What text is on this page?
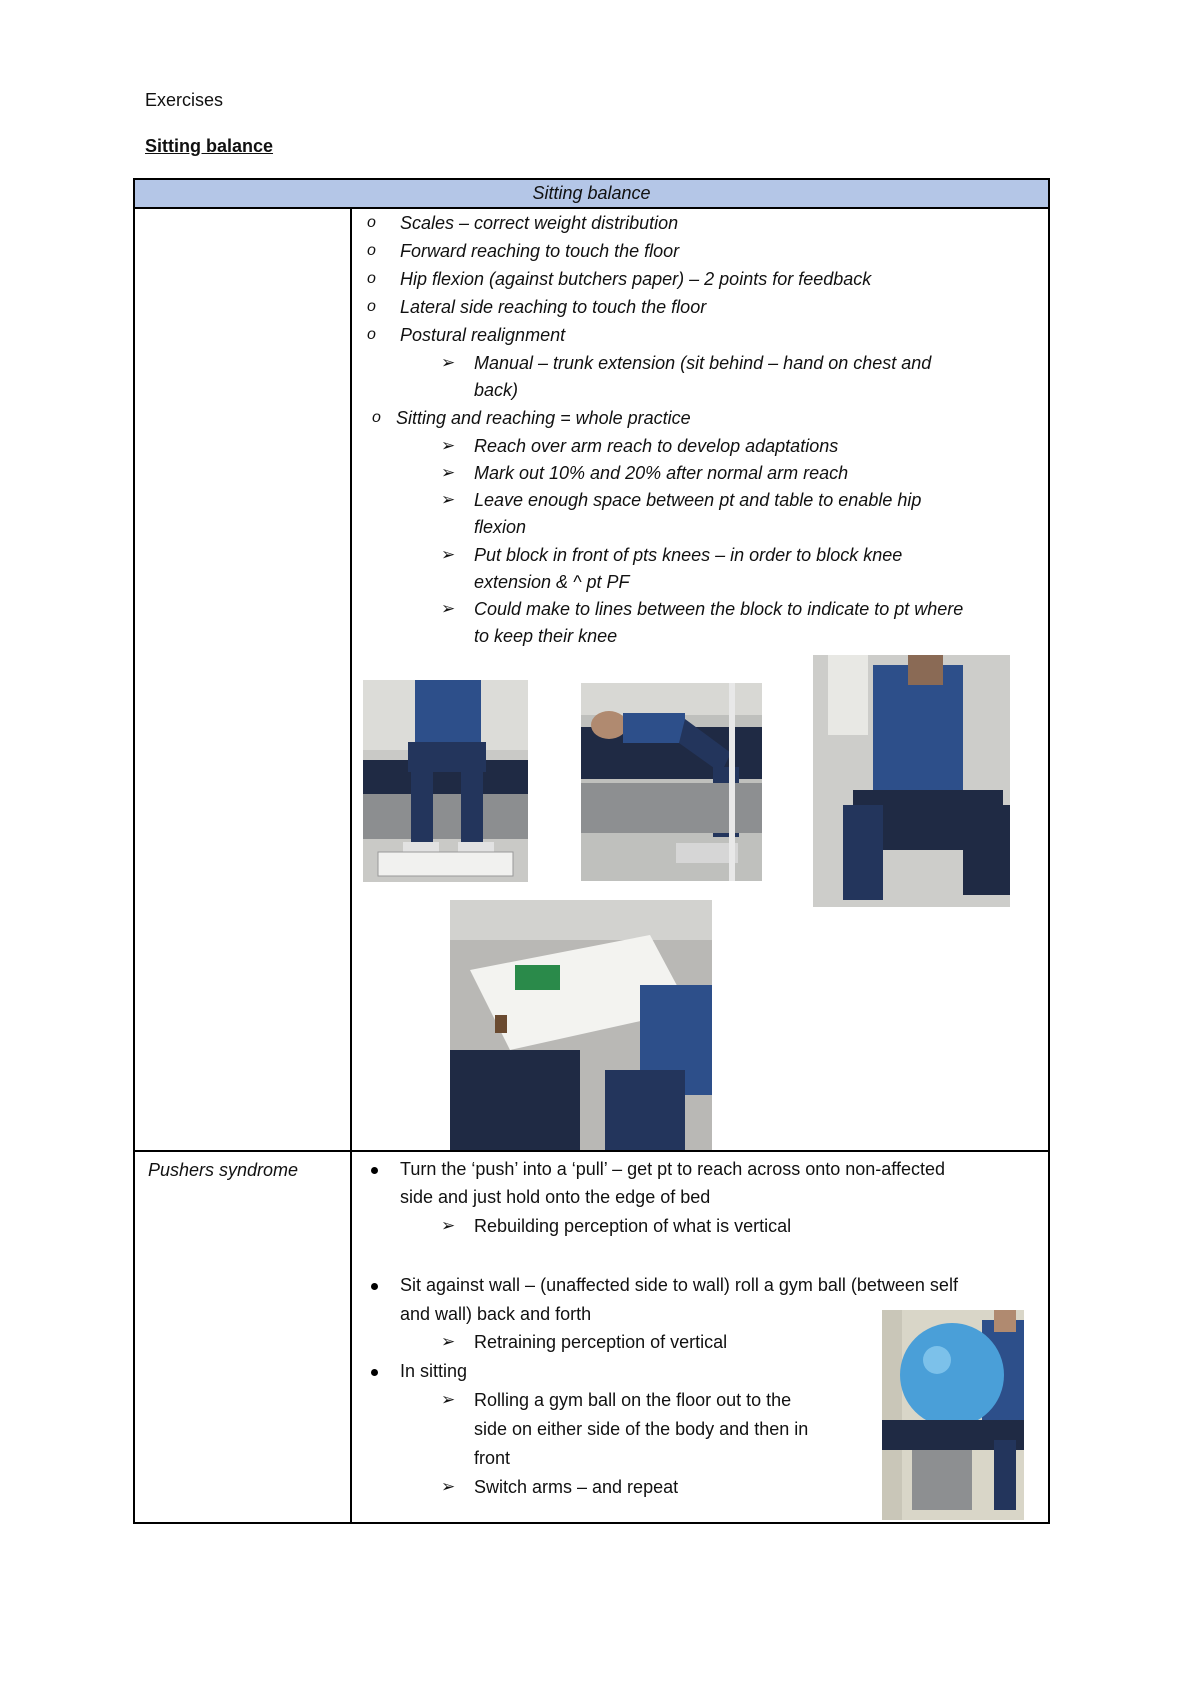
Exercises
Sitting balance
Sitting balance
o Scales – correct weight distribution
o Forward reaching to touch the floor
o Hip flexion (against butchers paper) – 2 points for feedback
o Lateral side reaching to touch the floor
o Postural realignment
➢ Manual – trunk extension (sit behind – hand on chest and
back)
o Sitting and reaching = whole practice
➢ Reach over arm reach to develop adaptations
➢ Mark out 10% and 20% after normal arm reach
➢ Leave enough space between pt and table to enable hip
flexion
➢ Put block in front of pts knees – in order to block knee
extension & ^ pt PF
➢ Could make to lines between the block to indicate to pt where
to keep their knee
Pushers syndrome	Turn the ‘push’ into a ‘pull’ – get pt to reach across onto non-affected
side and just hold onto the edge of bed
➢ Rebuilding perception of what is vertical
Sit against wall – (unaffected side to wall) roll a gym ball (between self
and wall) back and forth
➢ Retraining perception of vertical
In sitting
➢ Rolling a gym ball on the floor out to the
side on either side of the body and then in
front
➢ Switch arms – and repeat
